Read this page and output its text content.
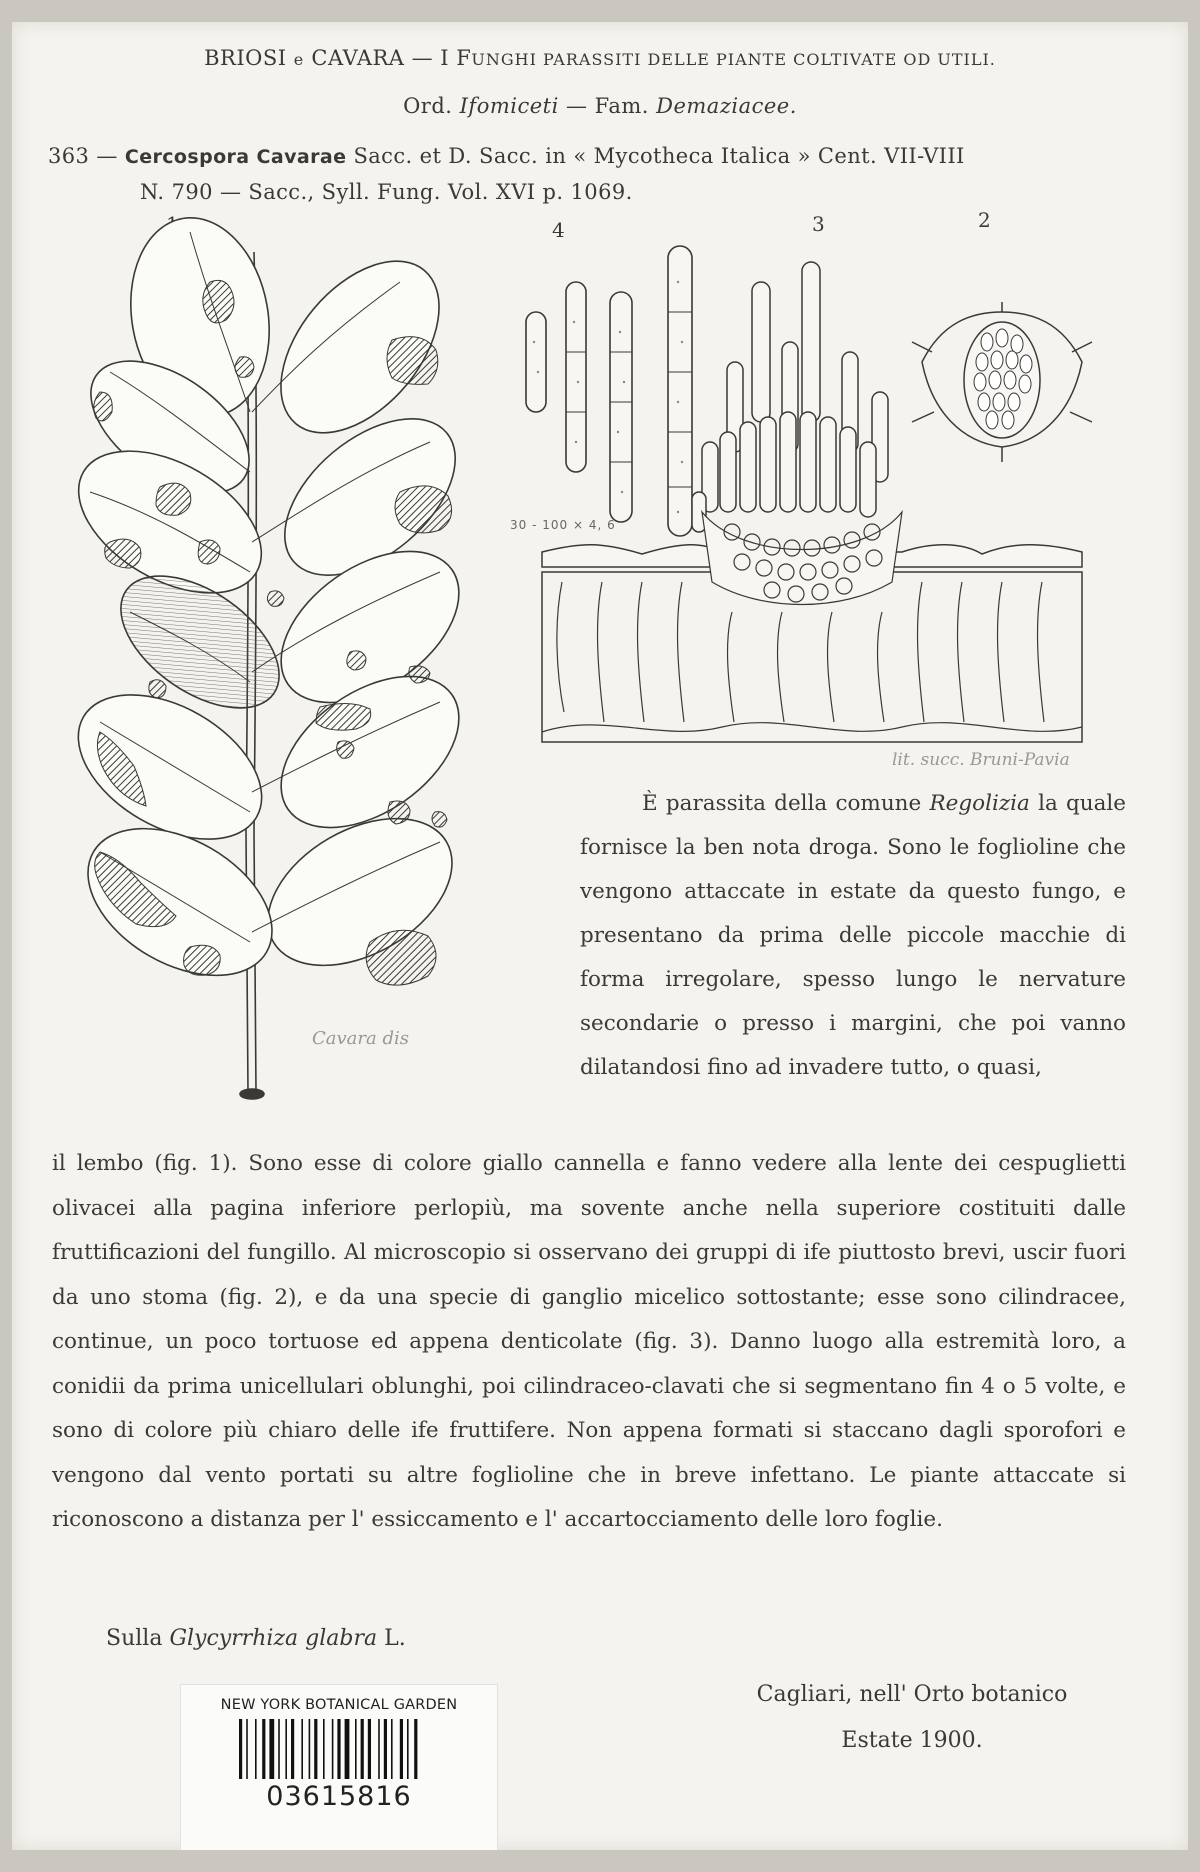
BRIOSI e CAVARA — I FUNGHI PARASSITI DELLE PIANTE COLTIVATE OD UTILI.
Ord. Ifomiceti — Fam. Demaziacee.
363 — Cercospora Cavarae Sacc. et D. Sacc. in « Mycotheca Italica » Cent. VII-VIII
N. 790 — Sacc., Syll. Fung. Vol. XVI p. 1069.
4	3	2
30 - 100 × 4, 6
lit. succ. Bruni-Pavia
Cavara dis
È parassita della comune Regolizia la quale fornisce la ben nota droga. Sono le foglioline che vengono attaccate in estate da questo fungo, e presentano da prima delle piccole macchie di forma irregolare, spesso lungo le nervature secondarie o presso i margini, che poi vanno dilatandosi fino ad invadere tutto, o quasi,
il lembo (fig. 1). Sono esse di colore giallo cannella e fanno vedere alla lente dei cespuglietti olivacei alla pagina inferiore perlopiù, ma sovente anche nella superiore costituiti dalle fruttificazioni del fungillo. Al microscopio si osservano dei gruppi di ife piuttosto brevi, uscir fuori da uno stoma (fig. 2), e da una specie di ganglio micelico sottostante; esse sono cilindracee, continue, un poco tortuose ed appena denticolate (fig. 3). Danno luogo alla estremità loro, a conidii da prima unicellulari oblunghi, poi cilindraceo-clavati che si segmentano fin 4 o 5 volte, e sono di colore più chiaro delle ife fruttifere. Non appena formati si staccano dagli sporofori e vengono dal vento portati su altre foglioline che in breve infettano. Le piante attaccate si riconoscono a distanza per l' essiccamento e l' accartocciamento delle loro foglie.
Sulla Glycyrrhiza glabra L.
Cagliari, nell' Orto botanico
Estate 1900.
NEW YORK BOTANICAL GARDEN
03615816
